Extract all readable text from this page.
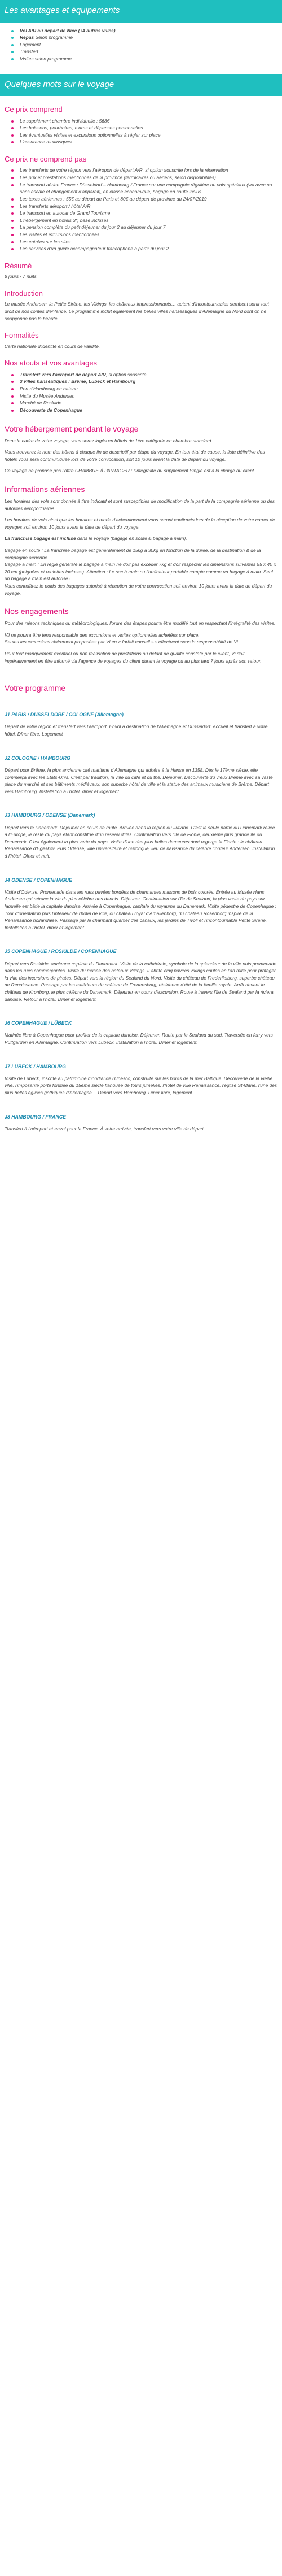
Les avantages et équipements
Vol A/R au départ de Nice (+4 autres villes)
Repas Selon programme
Logement
Transfert
Visites selon programme
Quelques mots sur le voyage
Ce prix comprend
Le supplément chambre individuelle : 568€
Les boissons, pourboires, extras et dépenses personnelles
Les éventuelles visites et excursions optionnelles à régler sur place
L'assurance multirisques
Ce prix ne comprend pas
Les transferts de votre région vers l'aéroport de départ A/R, si option souscrite lors de la réservation
Les prix et prestations mentionnés de la province (ferroviaires ou aériens, selon disponibilités)
Le transport aérien France / Düsseldorf – Hambourg / France sur une compagnie régulière ou vols spéciaux (vol avec ou sans escale et changement d'appareil), en classe économique, bagage en soute inclus
Les taxes aériennes : 55€ au départ de Paris et 80€ au départ de province au 24/07/2019
Les transferts aéroport / hôtel A/R
Le transport en autocar de Grand Tourisme
L'hébergement en hôtels 3*, base incluses
La pension complète du petit déjeuner du jour 2 au déjeuner du jour 7
Les visites et excursions mentionnées
Les entrées sur les sites
Les services d'un guide accompagnateur francophone à partir du jour 2
Résumé

8 jours / 7 nuits

Introduction

Le musée Andersen, la Petite Sirène, les Vikings, les châteaux impressionnants… autant d'incontournables sembent sortir tout droit de nos contes d'enfance. Le programme inclut également les belles villes hanséatiques d'Allemagne du Nord dont on ne soupçonne pas la beauté.

Formalités

Carte nationale d'identité en cours de validité.

Nos atouts et vos avantages
Transfert vers l'aéroport de départ A/R, si option souscrite
3 villes hanséatiques : Brême, Lübeck et Hambourg
Port d'Hambourg en bateau
Visite du Musée Andersen
Marché de Roskilde
Découverte de Copenhague
Votre hébergement pendant le voyage

Dans le cadre de votre voyage, vous serez logés en hôtels de 1ère catégorie en chambre standard.

Vous trouverez le nom des hôtels à chaque fin de descriptif par étape du voyage. En tout état de cause, la liste définitive des hôtels vous sera communiquée lors de votre convocation, soit 10 jours avant la date de départ du voyage.

Ce voyage ne propose pas l'offre CHAMBRE À PARTAGER : l'intégralité du supplément Single est à la charge du client.

Informations aériennes

Les horaires des vols sont donnés à titre indicatif et sont susceptibles de modification de la part de la compagnie aérienne ou des autorités aéroportuaires.

Les horaires de vols ainsi que les horaires et mode d'acheminement vous seront confirmés lors de la réception de votre carnet de voyages soit environ 10 jours avant la date de départ du voyage.

La franchise bagage est incluse dans le voyage (bagage en soute & bagage à main).

Bagage en soute : La franchise bagage est généralement de 15kg à 30kg en fonction de la durée, de la destination & de la compagnie aérienne.

Bagage à main : En règle générale le bagage à main ne doit pas excéder 7kg et doit respecter les dimensions suivantes 55 x 40 x 20 cm (poignées et roulettes incluses). Attention : Le sac à main ou l'ordinateur portable compte comme un bagage à main. Seul un bagage à main est autorisé !

Vous connaîtrez le poids des bagages autorisé à réception de votre convocation soit environ 10 jours avant la date de départ du voyage.

Nos engagements

Pour des raisons techniques ou météorologiques, l'ordre des étapes pourra être modifié tout en respectant l'intégralité des visites.

Vil ne pourra être tenu responsable des excursions et visites optionnelles achetées sur place.

Seules les excursions clairement proposées par Vi en « forfait conseil » s'effectuent sous la responsabilité de Vi.

Pour tout manquement éventuel ou non réalisation de prestations ou défaut de qualité constaté par le client, Vi doit impérativement en être informé via l'agence de voyages du client durant le voyage ou au plus tard 7 jours après son retour.

Votre programme
J1 PARIS / DÜSSELDORF / COLOGNE (Allemagne)

Départ de votre région et transfert vers l'aéroport. Envol à destination de l'Allemagne et Düsseldorf. Accueil et transfert à votre hôtel. Dîner libre. Logement

J2 COLOGNE / HAMBOURG

Départ pour Brême, la plus ancienne cité maritime d'Allemagne qui adhéra à la Hanse en 1358. Dès le 17ème siècle, elle commerça avec les Etats-Unis. C'est par tradition, la ville du café et du thé. Déjeuner. Découverte du vieux Brême avec sa vaste place du marché et ses bâtiments médiévaux, son superbe hôtel de ville et la statue des animaux musiciens de Brême. Départ vers Hambourg. Installation à l'hôtel, dîner et logement.

J3 HAMBOURG / ODENSE (Danemark)

Départ vers le Danemark. Déjeuner en cours de route. Arrivée dans la région du Jutland. C'est la seule partie du Danemark reliée à l'Europe, le reste du pays étant constitué d'un réseau d'îles. Continuation vers l'île de Fionie, deuxième plus grande île du Danemark. C'est également la plus verte du pays. Visite d'une des plus belles demeures dont regorge la Fionie : le château Renaissance d'Egeskov. Puis Odense, ville universitaire et historique, lieu de naissance du célèbre conteur Andersen. Installation à l'hôtel. Dîner et nuit.

J4 ODENSE / COPENHAGUE

Visite d'Odense. Promenade dans les rues pavées bordées de charmantes maisons de bois colorés. Entrée au Musée Hans Andersen qui retrace la vie du plus célèbre des danois. Déjeuner. Continuation sur l'île de Sealand, la plus vaste du pays sur laquelle est bâtie la capitale danoise. Arrivée à Copenhague, capitale du royaume du Danemark. Visite pédestre de Copenhague : Tour d'orientation puis l'intérieur de l'hôtel de ville, du château royal d'Amalienborg, du château Rosenborg inspiré de la Renaissance hollandaise. Passage par le charmant quartier des canaux, les jardins de Tivoli et l'incontournable Petite Sirène. Installation à l'hôtel, dîner et logement.

J5 COPENHAGUE / ROSKILDE / COPENHAGUE

Départ vers Roskilde, ancienne capitale du Danemark. Visite de la cathédrale, symbole de la splendeur de la ville puis promenade dans les rues commerçantes. Visite du musée des bateaux Vikings. Il abrite cinq navires vikings coulés en l'an mille pour protéger la ville des incursions de pirates. Départ vers la région du Sealand du Nord. Visite du château de Frederiksborg, superbe château de Renaissance. Passage par les extérieurs du château de Fredensborg, résidence d'été de la famille royale. Arrêt devant le château de Kronborg, le plus célèbre du Danemark. Déjeuner en cours d'excursion. Route à travers l'île de Sealand par la riviera danoise. Retour à l'hôtel. Dîner et logement.

J6 COPENHAGUE / LÜBECK

Matinée libre à Copenhague pour profiter de la capitale danoise. Déjeuner. Route par le Sealand du sud. Traversée en ferry vers Puttgarden en Allemagne. Continuation vers Lübeck. Installation à l'hôtel. Dîner et logement.

J7 LÜBECK / HAMBOURG

Visite de Lübeck, inscrite au patrimoine mondial de l'Unesco, construite sur les bords de la mer Baltique. Découverte de la vieille ville, l'imposante porte fortifiée du 15ème siècle flanquée de tours jumelles, l'hôtel de ville Renaissance, l'église St-Marie, l'une des plus belles églises gothiques d'Allemagne… Départ vers Hambourg. Dîner libre, logement.

J8 HAMBOURG / FRANCE

Transfert à l'aéroport et envol pour la France. À votre arrivée, transfert vers votre ville de départ.
